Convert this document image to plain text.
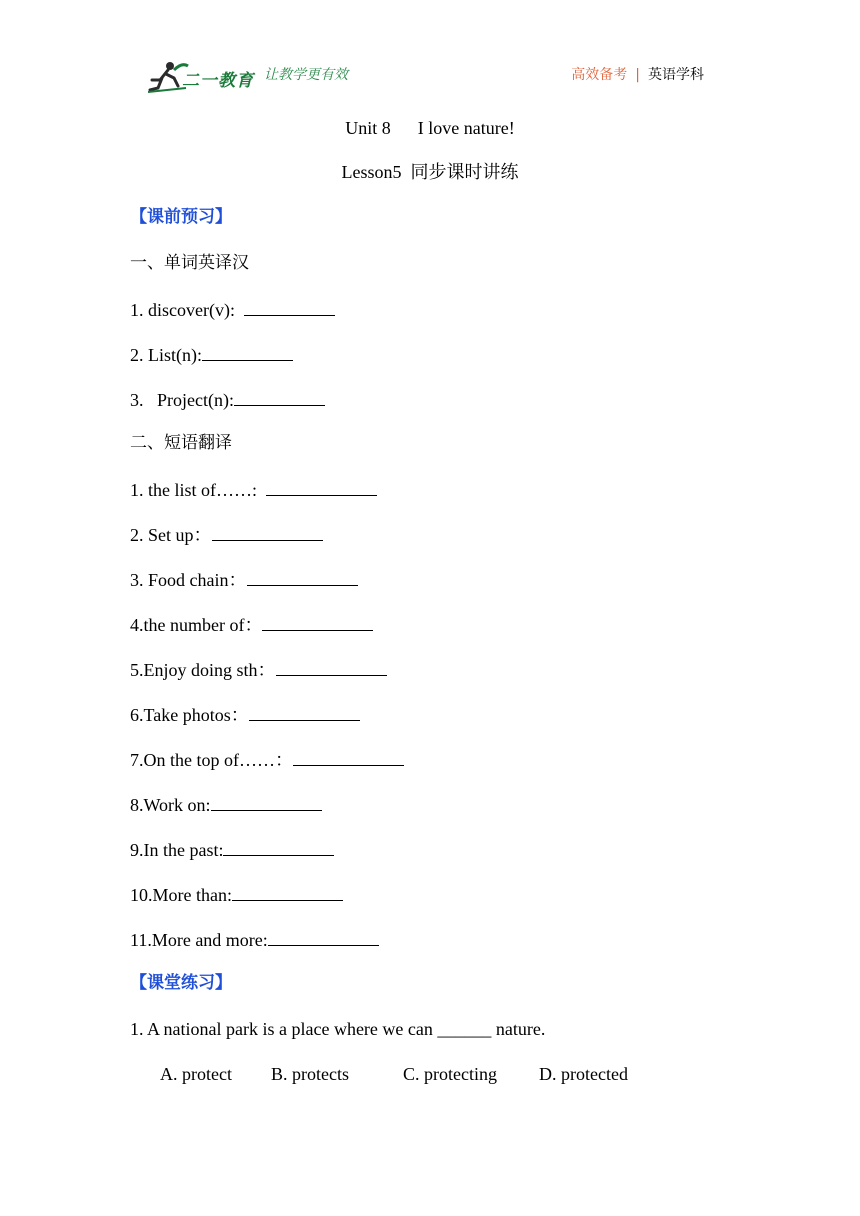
二一教育 让教学更有效	高效备考 | 英语学科
Unit 8      I love nature!
Lesson5  同步课时讲练
【课前预习】
一、单词英译汉
1. discover(v):
2. List(n):
3.   Project(n):
二、短语翻译
1. the list of……:
2. Set up：
3. Food chain：
4.the number of：
5.Enjoy doing sth：
6.Take photos：
7.On the top of……：
8.Work on:
9.In the past:
10.More than:
11.More and more:
【课堂练习】
1. A national park is a place where we can ______ nature.
A. protect B. protects	C. protecting D. protected
